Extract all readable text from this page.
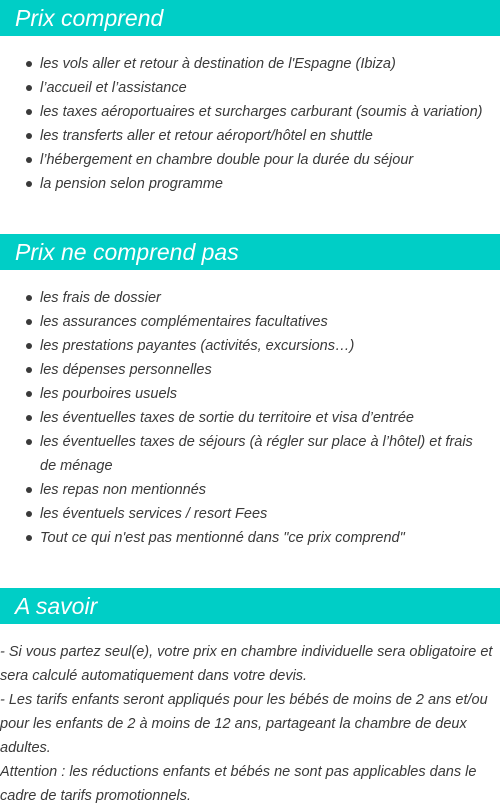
Prix comprend
les vols aller et retour à destination de l'Espagne (Ibiza)
l’accueil et l’assistance
les taxes aéroportuaires et surcharges carburant (soumis à variation)
les transferts aller et retour aéroport/hôtel en shuttle
l’hébergement en chambre double pour la durée du séjour
la pension selon programme
Prix ne comprend pas
les frais de dossier
les assurances complémentaires facultatives
les prestations payantes (activités, excursions…)
les dépenses personnelles
les pourboires usuels
les éventuelles taxes de sortie du territoire et visa d’entrée
les éventuelles taxes de séjours (à régler sur place à l’hôtel) et frais de ménage
les repas non mentionnés
les éventuels services / resort Fees
Tout ce qui n'est pas mentionné dans "ce prix comprend"
A savoir

- Si vous partez seul(e), votre prix en chambre individuelle sera obligatoire et sera calculé automatiquement dans votre devis.

- Les tarifs enfants seront appliqués pour les bébés de moins de 2 ans et/ou pour les enfants de 2 à moins de 12 ans, partageant la chambre de deux adultes.

Attention : les réductions enfants et bébés ne sont pas applicables dans le cadre de tarifs promotionnels.
